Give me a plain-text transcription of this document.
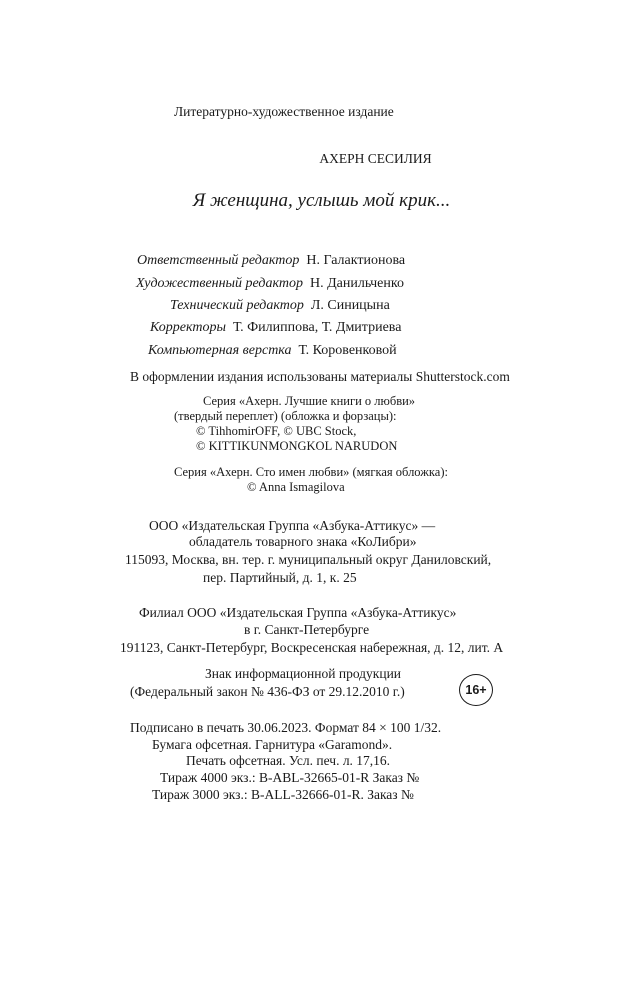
Литературно-художественное издание
АХЕРН СЕСИЛИЯ
Я женщина, услышь мой крик...
Ответственный редактор Н. Галактионова
Художественный редактор Н. Данильченко
Технический редактор Л. Синицына
Корректоры Т. Филиппова, Т. Дмитриева
Компьютерная верстка Т. Коровенковой
В оформлении издания использованы материалы Shutterstock.com
Серия «Ахерн. Лучшие книги о любви»
(твердый переплет) (обложка и форзацы):
© TihhomirOFF, © UBC Stock,
© KITTIKUNMONGKOL NARUDON
Серия «Ахерн. Сто имен любви» (мягкая обложка):
© Anna Ismagilova
ООО «Издательская Группа «Азбука-Аттикус» —
обладатель товарного знака «КоЛибри»
115093, Москва, вн. тер. г. муниципальный округ Даниловский,
пер. Партийный, д. 1, к. 25
Филиал ООО «Издательская Группа «Азбука-Аттикус»
в г. Санкт-Петербурге
191123, Санкт-Петербург, Воскресенская набережная, д. 12, лит. А
Знак информационной продукции
(Федеральный закон № 436-ФЗ от 29.12.2010 г.)	16+
Подписано в печать 30.06.2023. Формат 84 × 100 1/32.
Бумага офсетная. Гарнитура «Garamond».
Печать офсетная. Усл. печ. л. 17,16.
Тираж 4000 экз.: B-ABL-32665-01-R Заказ №
Тираж 3000 экз.: B-ALL-32666-01-R. Заказ №
